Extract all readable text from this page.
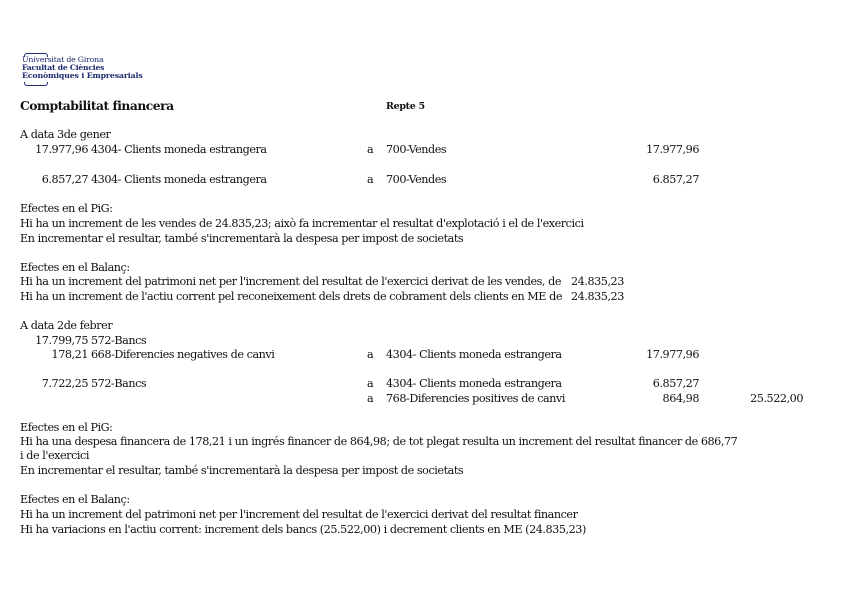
Universitat de Girona
Facultat de Ciències
Econòmiques i Empresarials
Comptabilitat financera	Repte 5
A data 3de gener
17.977,96 4304- Clients moneda estrangera	a 700-Vendes	17.977,96
6.857,27 4304- Clients moneda estrangera	a 700-Vendes	6.857,27
Efectes en el PiG:
Hi ha un increment de les vendes de 24.835,23; això fa incrementar el resultat d'explotació i el de l'exercici
En incrementar el resultar, també s'incrementarà la despesa per impost de societats
Efectes en el Balanç:
Hi ha un increment del patrimoni net per l'increment del resultat de l'exercici derivat de les vendes, de 24.835,23
Hi ha un increment de l'actiu corrent pel reconeixement dels drets de cobrament dels clients en ME de 24.835,23
A data 2de febrer
17.799,75 572-Bancs
178,21 668-Diferencies negatives de canvi	a 4304- Clients moneda estrangera	17.977,96
7.722,25 572-Bancs	a 4304- Clients moneda estrangera	6.857,27
a 768-Diferencies positives de canvi	864,98	25.522,00
Efectes en el PiG:
Hi ha una despesa financera de 178,21 i un ingrés financer de 864,98; de tot plegat resulta un increment del resultat financer de 686,77
i de l'exercici
En incrementar el resultar, també s'incrementarà la despesa per impost de societats
Efectes en el Balanç:
Hi ha un increment del patrimoni net per l'increment del resultat de l'exercici derivat del resultat financer
Hi ha variacions en l'actiu corrent: increment dels bancs (25.522,00) i decrement clients en ME (24.835,23)
